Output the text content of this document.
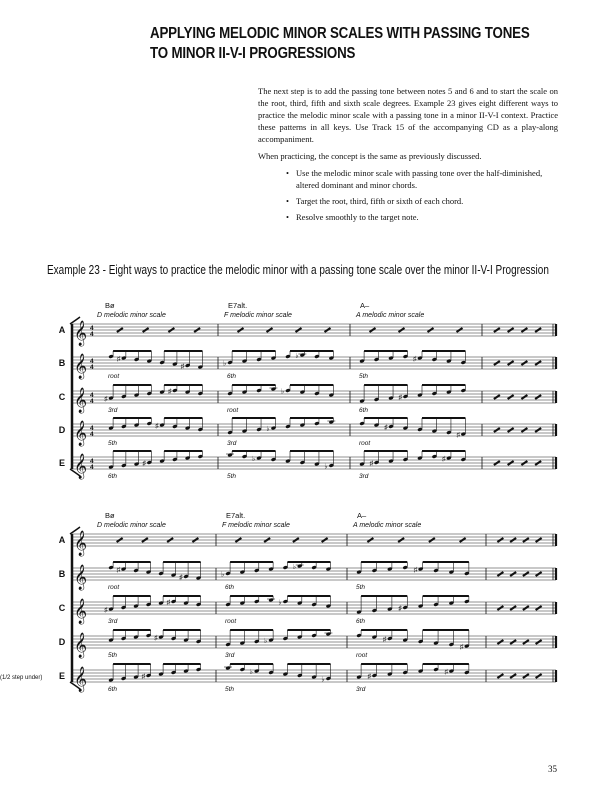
APPLYING MELODIC MINOR SCALES WITH PASSING TONES
TO MINOR II-V-I PROGRESSIONS

The next step is to add the passing tone between notes 5 and 6 and to start the scale on the root, third, fifth and sixth scale degrees. Example 23 gives eight different ways to practice the melodic minor scale with a passing tone in a minor II-V-I context. Practice these patterns in all keys. Use Track 15 of the accompanying CD as a play-along accompaniment.

When practicing, the concept is the same as previously discussed.

• Use the melodic minor scale with passing tone over the half-diminished, altered dominant and minor chords.
• Target the root, third, fifth or sixth of each chord.
• Resolve smoothly to the target note.
Example 23 - Eight ways to practice the melodic minor with a passing tone scale over the minor II-V-I Progression
Bø
D melodic minor scale
E7alt.
F melodic minor scale
A–
A melodic minor scale
A 𝄞 4
4
B 𝄞 4
4
♯
♯
root
♭
♭
6th
♯
5th
C 𝄞 4
4 ♯
♯
3rd
♭
root
♯
6th
D 𝄞 4
4
♯
5th
♭
3rd
♯
♯
root
E 𝄞 4
4	♯
6th
♭
♭
5th
♯
♯
3rd
(1/2 step under)
Bø
D melodic minor scale
E7alt.
F melodic minor scale
A–
A melodic minor scale
A 𝄞
B 𝄞	♯
♯
root
♭
♭
6th
♯
5th
C 𝄞 ♯
♯
3rd
♭
root
♯
6th
D 𝄞	♯
5th
♭
3rd
♯
♯
root
E 𝄞	♯
6th
♭
♭
5th
♯
♯
3rd
35
